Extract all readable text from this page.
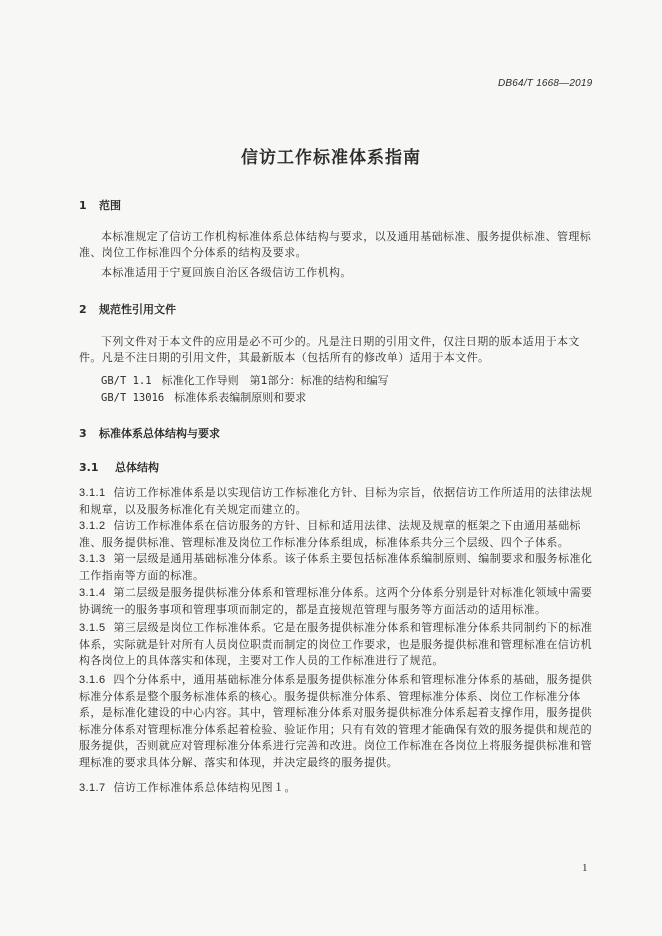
DB64/T 1668—2019
信访工作标准体系指南
1 范围
本标准规定了信访工作机构标准体系总体结构与要求，以及通用基础标准、服务提供标准、管理标准、岗位工作标准四个分体系的结构及要求。
本标准适用于宁夏回族自治区各级信访工作机构。
2 规范性引用文件
下列文件对于本文件的应用是必不可少的。凡是注日期的引用文件，仅注日期的版本适用于本文件。凡是不注日期的引用文件，其最新版本（包括所有的修改单）适用于本文件。
GB/T 1.1 标准化工作导则　第1部分：标准的结构和编写
GB/T 13016 标准体系表编制原则和要求
3 标准体系总体结构与要求
3.1 总体结构
3.1.1 信访工作标准体系是以实现信访工作标准化方针、目标为宗旨，依据信访工作所适用的法律法规和规章，以及服务标准化有关规定而建立的。
3.1.2 信访工作标准体系在信访服务的方针、目标和适用法律、法规及规章的框架之下由通用基础标准、服务提供标准、管理标准及岗位工作标准分体系组成，标准体系共分三个层级、四个子体系。
3.1.3 第一层级是通用基础标准分体系。该子体系主要包括标准体系编制原则、编制要求和服务标准化工作指南等方面的标准。
3.1.4 第二层级是服务提供标准分体系和管理标准分体系。这两个分体系分别是针对标准化领域中需要协调统一的服务事项和管理事项而制定的，都是直接规范管理与服务等方面活动的适用标准。
3.1.5 第三层级是岗位工作标准体系。它是在服务提供标准分体系和管理标准分体系共同制约下的标准体系，实际就是针对所有人员岗位职责而制定的岗位工作要求，也是服务提供标准和管理标准在信访机构各岗位上的具体落实和体现，主要对工作人员的工作标准进行了规范。
3.1.6 四个分体系中，通用基础标准分体系是服务提供标准分体系和管理标准分体系的基础，服务提供标准分体系是整个服务标准体系的核心。服务提供标准分体系、管理标准分体系、岗位工作标准分体系，是标准化建设的中心内容。其中，管理标准分体系对服务提供标准分体系起着支撑作用，服务提供标准分体系对管理标准分体系起着检验、验证作用；只有有效的管理才能确保有效的服务提供和规范的服务提供，否则就应对管理标准分体系进行完善和改进。岗位工作标准在各岗位上将服务提供标准和管理标准的要求具体分解、落实和体现，并决定最终的服务提供。
3.1.7 信访工作标准体系总体结构见图１。
1
